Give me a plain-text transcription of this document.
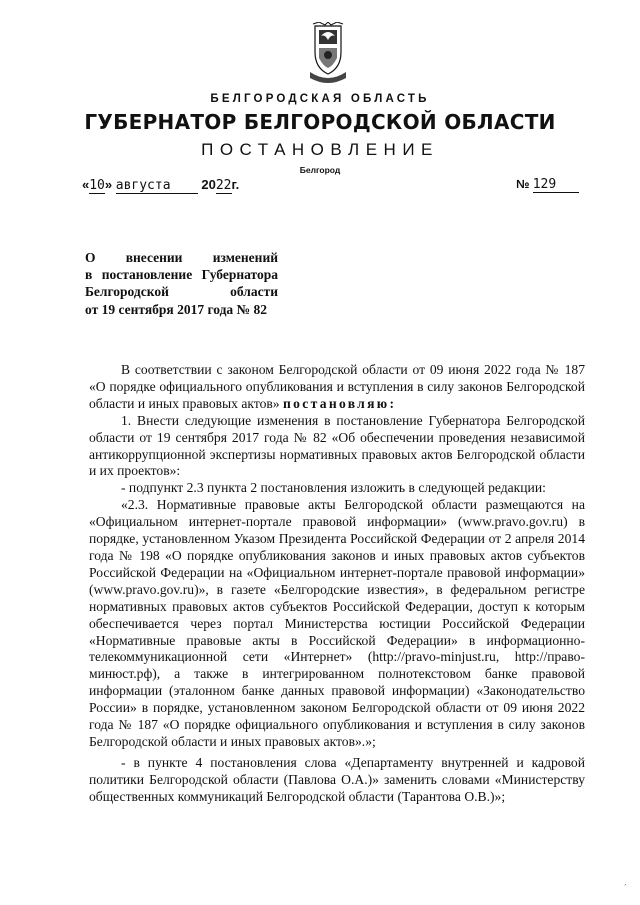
БЕЛГОРОДСКАЯ ОБЛАСТЬ
ГУБЕРНАТОР БЕЛГОРОДСКОЙ ОБЛАСТИ
ПОСТАНОВЛЕНИЕ
Белгород
«10» августа 2022г.	№ 129
О внесении изменений
в постановление Губернатора
Белгородской области
от 19 сентября 2017 года № 82

В соответствии с законом Белгородской области от 09 июня 2022 года № 187 «О порядке официального опубликования и вступления в силу законов Белгородской области и иных правовых актов» постановляю:

1. Внести следующие изменения в постановление Губернатора Белгородской области от 19 сентября 2017 года № 82 «Об обеспечении проведения независимой антикоррупционной экспертизы нормативных правовых актов Белгородской области и их проектов»:

- подпункт 2.3 пункта 2 постановления изложить в следующей редакции:

«2.3. Нормативные правовые акты Белгородской области размещаются на «Официальном интернет-портале правовой информации» (www.pravo.gov.ru) в порядке, установленном Указом Президента Российской Федерации от 2 апреля 2014 года № 198 «О порядке опубликования законов и иных правовых актов субъектов Российской Федерации на «Официальном интернет-портале правовой информации» (www.pravo.gov.ru)», в газете «Белгородские известия», в федеральном регистре нормативных правовых актов субъектов Российской Федерации, доступ к которым обеспечивается через портал Министерства юстиции Российской Федерации «Нормативные правовые акты в Российской Федерации» в информационно-телекоммуникационной сети «Интернет» (http://pravo-minjust.ru, http://право-минюст.рф), а также в интегрированном полнотекстовом банке правовой информации (эталонном банке данных правовой информации) «Законодательство России» в порядке, установленном законом Белгородской области от 09 июня 2022 года № 187 «О порядке официального опубликования и вступления в силу законов Белгородской области и иных правовых актов».»;

- в пункте 4 постановления слова «Департаменту внутренней и кадровой политики Белгородской области (Павлова О.А.)» заменить словами «Министерству общественных коммуникаций Белгородской области (Тарантова О.В.)»;

´
